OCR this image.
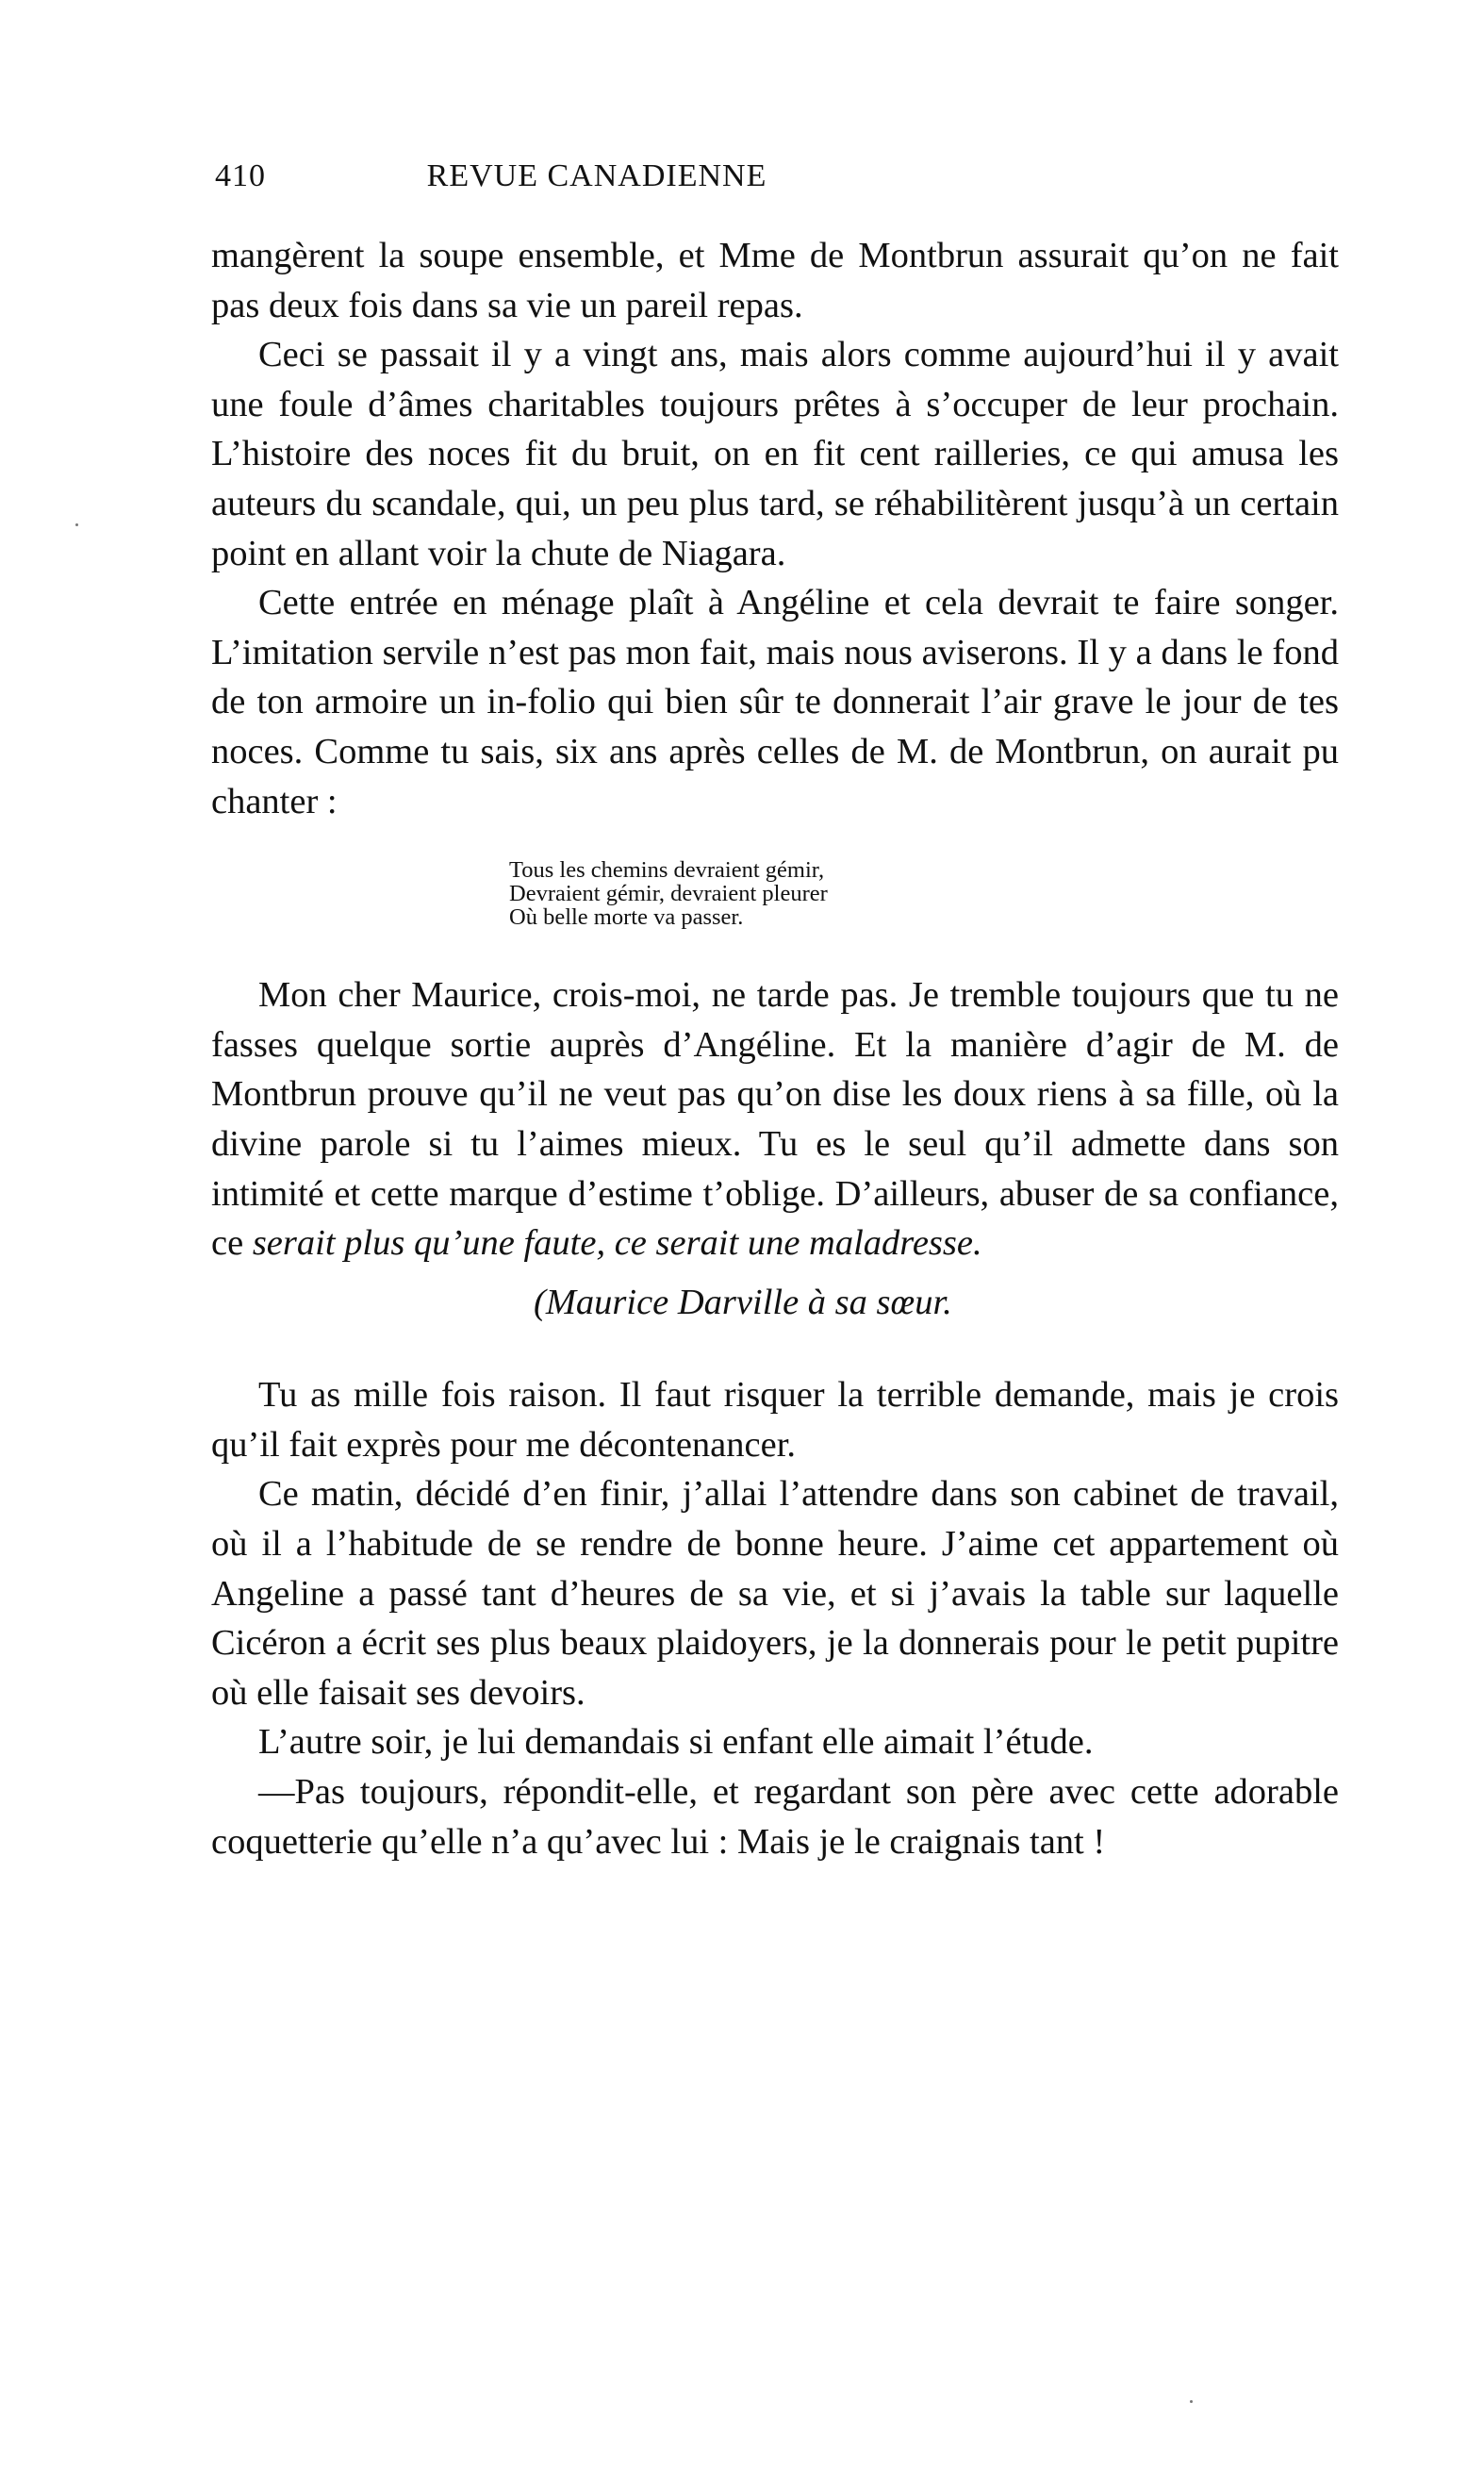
410	REVUE CANADIENNE

mangèrent la soupe ensemble, et Mme de Montbrun assurait qu’on ne fait pas deux fois dans sa vie un pareil repas.

Ceci se passait il y a vingt ans, mais alors comme aujourd’hui il y avait une foule d’âmes charitables toujours prêtes à s’occuper de leur prochain. L’histoire des noces fit du bruit, on en fit cent railleries, ce qui amusa les auteurs du scandale, qui, un peu plus tard, se réhabilitèrent jusqu’à un certain point en allant voir la chute de Niagara.

Cette entrée en ménage plaît à Angéline et cela devrait te faire songer. L’imitation servile n’est pas mon fait, mais nous aviserons. Il y a dans le fond de ton armoire un in-folio qui bien sûr te donnerait l’air grave le jour de tes noces. Comme tu sais, six ans après celles de M. de Montbrun, on aurait pu chanter :

Tous les chemins devraient gémir,
Devraient gémir, devraient pleurer
Où belle morte va passer.

Mon cher Maurice, crois-moi, ne tarde pas. Je tremble toujours que tu ne fasses quelque sortie auprès d’Angéline. Et la manière d’agir de M. de Montbrun prouve qu’il ne veut pas qu’on dise les doux riens à sa fille, où la divine parole si tu l’aimes mieux. Tu es le seul qu’il admette dans son intimité et cette marque d’estime t’oblige. D’ailleurs, abuser de sa confiance, ce serait plus qu’une faute, ce serait une maladresse.

(Maurice Darville à sa sœur.

Tu as mille fois raison. Il faut risquer la terrible demande, mais je crois qu’il fait exprès pour me décontenancer.

Ce matin, décidé d’en finir, j’allai l’attendre dans son cabinet de travail, où il a l’habitude de se rendre de bonne heure. J’aime cet appartement où Angeline a passé tant d’heures de sa vie, et si j’avais la table sur laquelle Cicéron a écrit ses plus beaux plaidoyers, je la donnerais pour le petit pupitre où elle faisait ses devoirs.

L’autre soir, je lui demandais si enfant elle aimait l’étude.

—Pas toujours, répondit-elle, et regardant son père avec cette adorable coquetterie qu’elle n’a qu’avec lui : Mais je le craignais tant !
